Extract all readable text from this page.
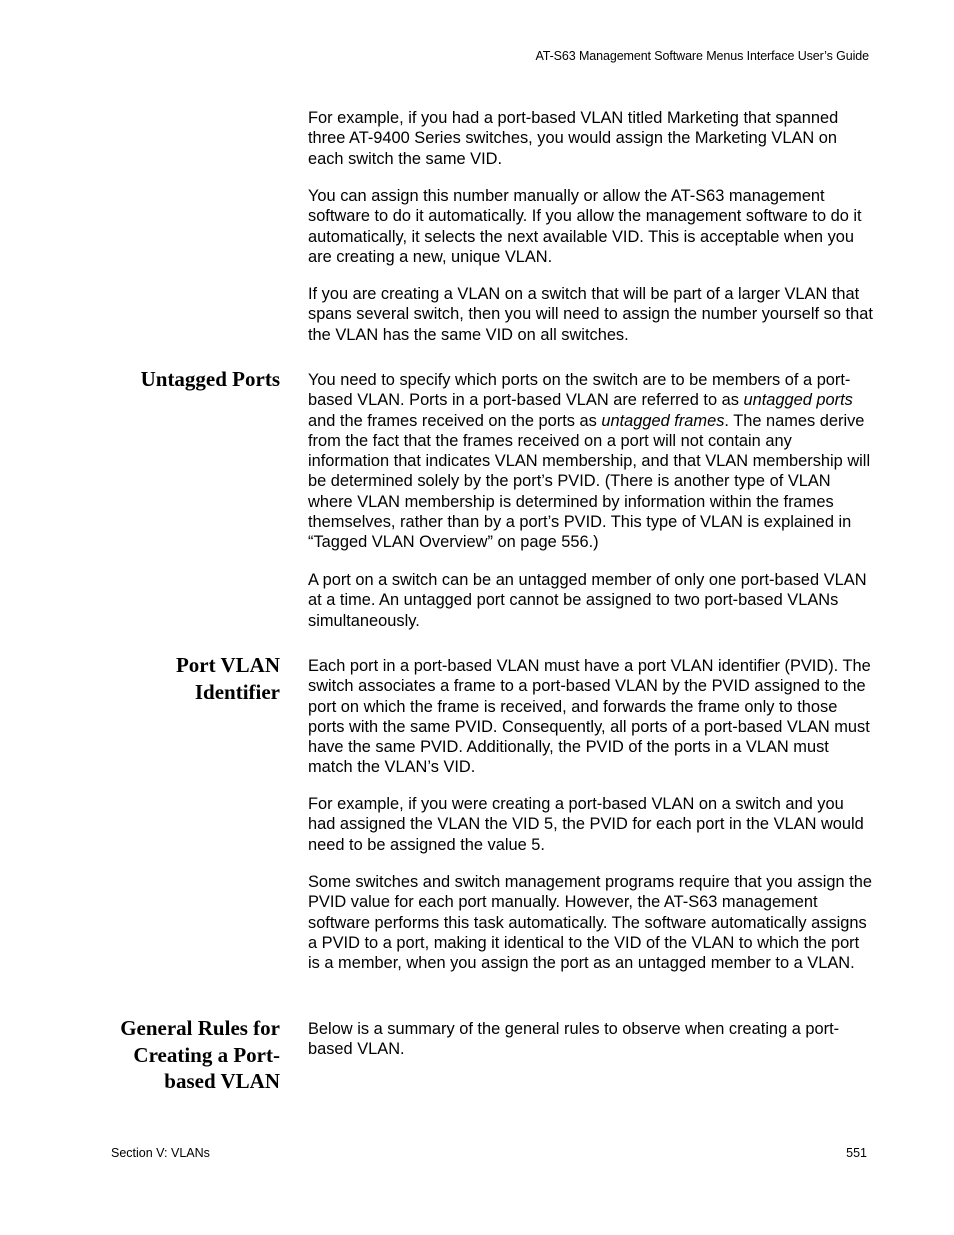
AT-S63 Management Software Menus Interface User’s Guide

For example, if you had a port-based VLAN titled Marketing that spanned three AT-9400 Series switches, you would assign the Marketing VLAN on each switch the same VID.

You can assign this number manually or allow the AT-S63 management software to do it automatically. If you allow the management software to do it automatically, it selects the next available VID. This is acceptable when you are creating a new, unique VLAN.

If you are creating a VLAN on a switch that will be part of a larger VLAN that spans several switch, then you will need to assign the number yourself so that the VLAN has the same VID on all switches.

Untagged Ports You need to specify which ports on the switch are to be members of a port-based VLAN. Ports in a port-based VLAN are referred to as untagged ports and the frames received on the ports as untagged frames. The names derive from the fact that the frames received on a port will not contain any information that indicates VLAN membership, and that VLAN membership will be determined solely by the port’s PVID. (There is another type of VLAN where VLAN membership is determined by information within the frames themselves, rather than by a port’s PVID. This type of VLAN is explained in “Tagged VLAN Overview” on page 556.)

A port on a switch can be an untagged member of only one port-based VLAN at a time. An untagged port cannot be assigned to two port-based VLANs simultaneously.

Port VLAN
Identifier

Each port in a port-based VLAN must have a port VLAN identifier (PVID). The switch associates a frame to a port-based VLAN by the PVID assigned to the port on which the frame is received, and forwards the frame only to those ports with the same PVID. Consequently, all ports of a port-based VLAN must have the same PVID. Additionally, the PVID of the ports in a VLAN must match the VLAN’s VID.

For example, if you were creating a port-based VLAN on a switch and you had assigned the VLAN the VID 5, the PVID for each port in the VLAN would need to be assigned the value 5.

Some switches and switch management programs require that you assign the PVID value for each port manually. However, the AT-S63 management software performs this task automatically. The software automatically assigns a PVID to a port, making it identical to the VID of the VLAN to which the port is a member, when you assign the port as an untagged member to a VLAN.

General Rules for
Creating a Port-
based VLAN

Below is a summary of the general rules to observe when creating a port-based VLAN.

Section V: VLANs	551
